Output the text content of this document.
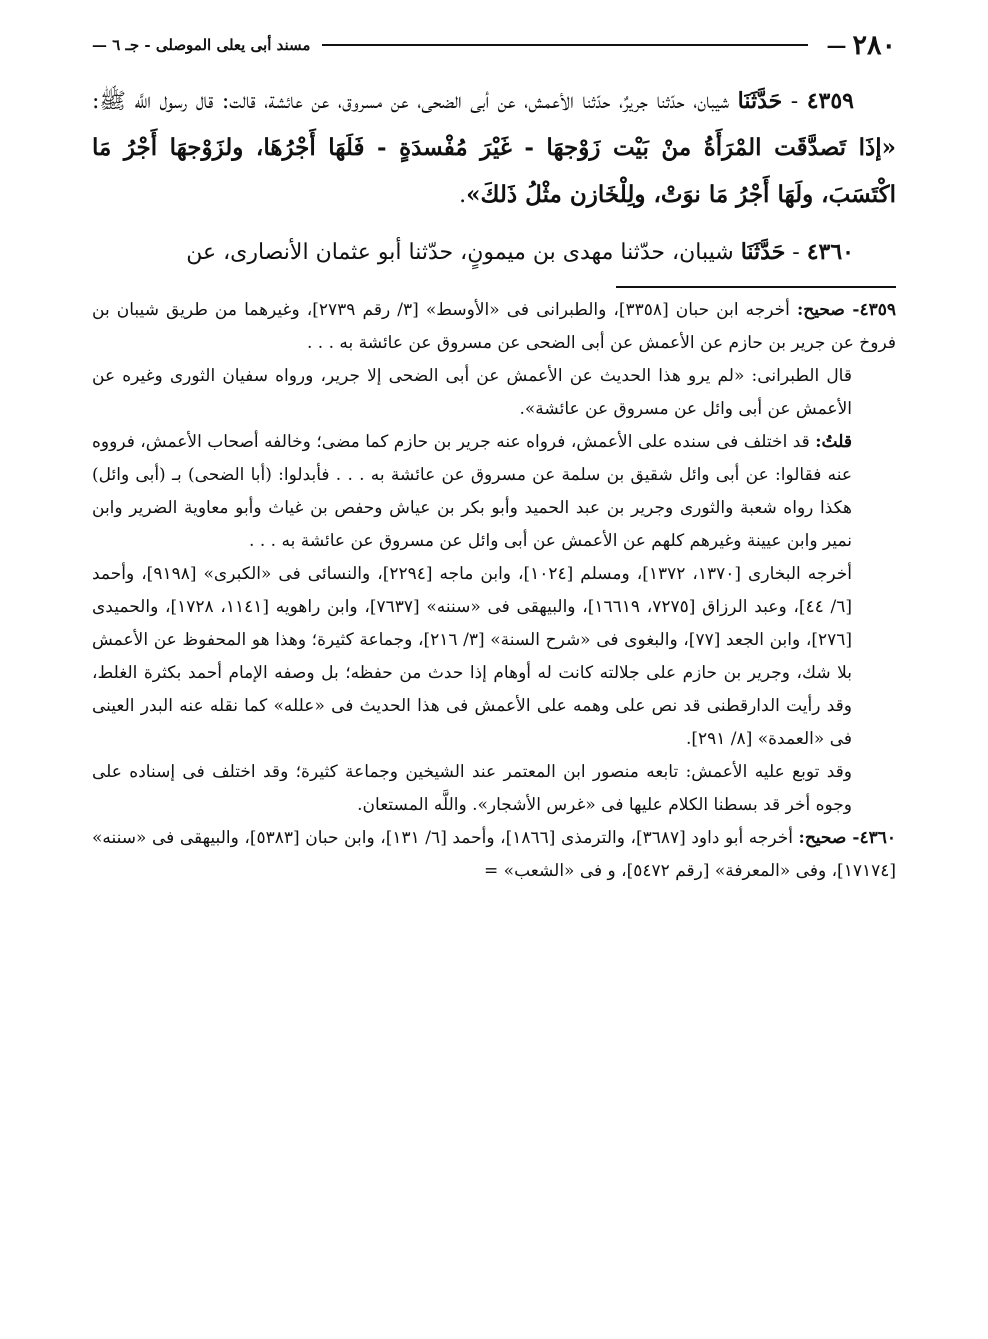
٢٨٠
—
مسند أبى يعلى الموصلى - جـ ٦ —

٤٣٥٩ - حَدَّثَنَا شيبان، حدّثنا جريرٌ، حدّثنا الأعمش، عن أبى الضحى، عن مسروق، عن عائشة، قالت: قال رسول اللَّه ﷺ: «إذَا تَصدَّقَت المْرَأَةُ منْ بَيْت زَوْجهَا - غَيْرَ مُفْسدَةٍ - فَلَهَا أَجْرُهَا، ولزَوْجهَا أَجْرُ مَا اكْتَسَبَ، ولَهَا أَجْرُ مَا نوَتْ، ولِلْخَازن مثْلُ ذَلكَ».

٤٣٦٠ - حَدَّثَنَا شيبان، حدّثنا مهدى بن ميمونٍ، حدّثنا أبو عثمان الأنصارى، عن

٤٣٥٩- صحيح: أخرجه ابن حبان [٣٣٥٨]، والطبرانى فى «الأوسط» [٣/ رقم ٢٧٣٩]، وغيرهما من طريق شيبان بن فروخ عن جرير بن حازم عن الأعمش عن أبى الضحى عن مسروق عن عائشة به . . .

قال الطبرانى: «لم يرو هذا الحديث عن الأعمش عن أبى الضحى إلا جرير، ورواه سفيان الثورى وغيره عن الأعمش عن أبى وائل عن مسروق عن عائشة».

قلتُ: قد اختلف فى سنده على الأعمش، فرواه عنه جرير بن حازم كما مضى؛ وخالفه أصحاب الأعمش، فرووه عنه فقالوا: عن أبى وائل شقيق بن سلمة عن مسروق عن عائشة به . . . فأبدلوا: (أبا الضحى) بـ (أبى وائل) هكذا رواه شعبة والثورى وجرير بن عبد الحميد وأبو بكر بن عياش وحفص بن غياث وأبو معاوية الضرير وابن نمير وابن عيينة وغيرهم كلهم عن الأعمش عن أبى وائل عن مسروق عن عائشة به . . .

أخرجه البخارى [١٣٧٠، ١٣٧٢]، ومسلم [١٠٢٤]، وابن ماجه [٢٢٩٤]، والنسائى فى «الكبرى» [٩١٩٨]، وأحمد [٦/ ٤٤]، وعبد الرزاق [٧٢٧٥، ١٦٦١٩]، والبيهقى فى «سننه» [٧٦٣٧]، وابن راهويه [١١٤١، ١٧٢٨]، والحميدى [٢٧٦]، وابن الجعد [٧٧]، والبغوى فى «شرح السنة» [٣/ ٢١٦]، وجماعة كثيرة؛ وهذا هو المحفوظ عن الأعمش بلا شك، وجرير بن حازم على جلالته كانت له أوهام إذا حدث من حفظه؛ بل وصفه الإمام أحمد بكثرة الغلط، وقد رأيت الدارقطنى قد نص على وهمه على الأعمش فى هذا الحديث فى «علله» كما نقله عنه البدر العينى فى «العمدة» [٨/ ٢٩١].

وقد توبع عليه الأعمش: تابعه منصور ابن المعتمر عند الشيخين وجماعة كثيرة؛ وقد اختلف فى إسناده على وجوه أخر قد بسطنا الكلام عليها فى «غرس الأشجار». واللَّه المستعان.

٤٣٦٠- صحيح: أخرجه أبو داود [٣٦٨٧]، والترمذى [١٨٦٦]، وأحمد [٦/ ١٣١]، وابن حبان [٥٣٨٣]، والبيهقى فى «سننه» [١٧١٧٤]، وفى «المعرفة» [رقم ٥٤٧٢]، و فى «الشعب» =
